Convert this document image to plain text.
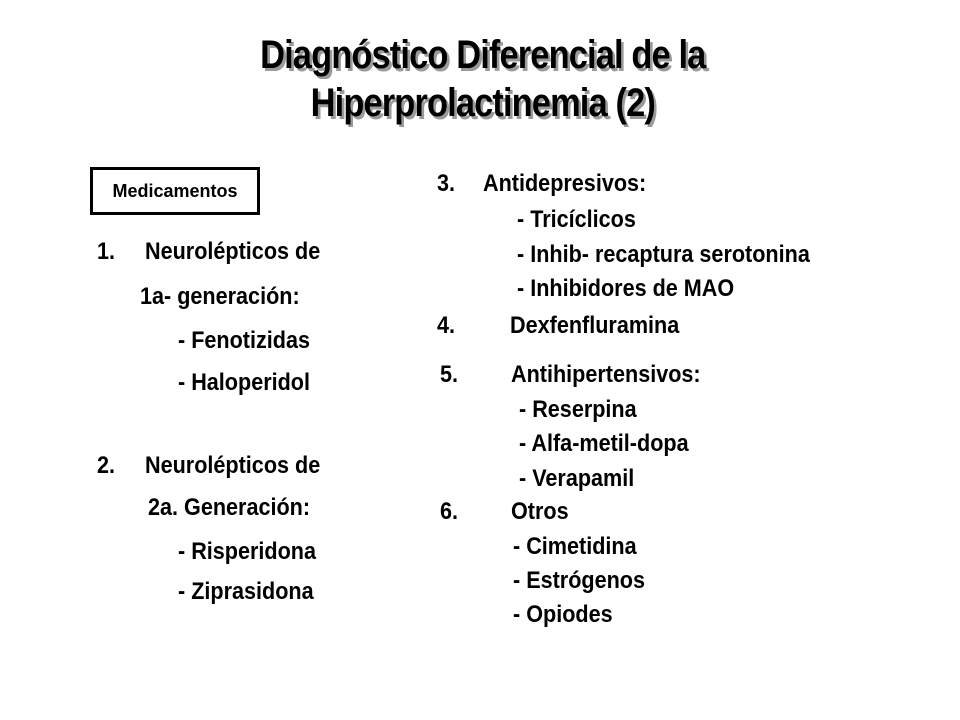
Diagnóstico Diferencial de la
Hiperprolactinemia (2)
Medicamentos
1. Neurolépticos de
1a- generación:
- Fenotizidas
- Haloperidol
2. Neurolépticos de
2a. Generación:
- Risperidona
- Ziprasidona
3. Antidepresivos:
- Tricíclicos
- Inhib- recaptura serotonina
- Inhibidores de MAO
4. Dexfenfluramina
5. Antihipertensivos:
- Reserpina
- Alfa-metil-dopa
- Verapamil
6. Otros
- Cimetidina
- Estrógenos
- Opiodes
